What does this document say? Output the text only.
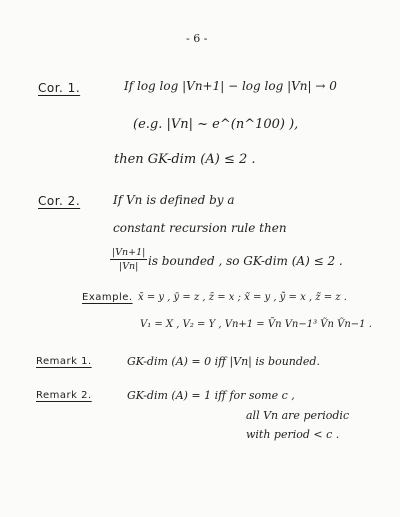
- 6 -
Cor. 1.	If log log |Vn+1| − log log |Vn| → 0
(e.g. |Vn| ~ e^(n^100) ),
then GK-dim (A) ≤ 2 .
Cor. 2.	If Vn is defined by a
constant recursion rule then
$\frac{|Vn+1|}{|Vn|}$ is bounded , so GK-dim (A) ≤ 2 .
Example. x̄ = y , ȳ = z , z̄ = x ; x̃ = y , ỹ = x , z̃ = z .
V₁ = X , V₂ = Y , Vn+1 = V̄n Vn−1³ Ṽn Ṽn−1 .
Remark 1.	GK-dim (A) = 0 iff |Vn| is bounded.
Remark 2.	GK-dim (A) = 1 iff for some c ,
all Vn are periodic
with period < c .
